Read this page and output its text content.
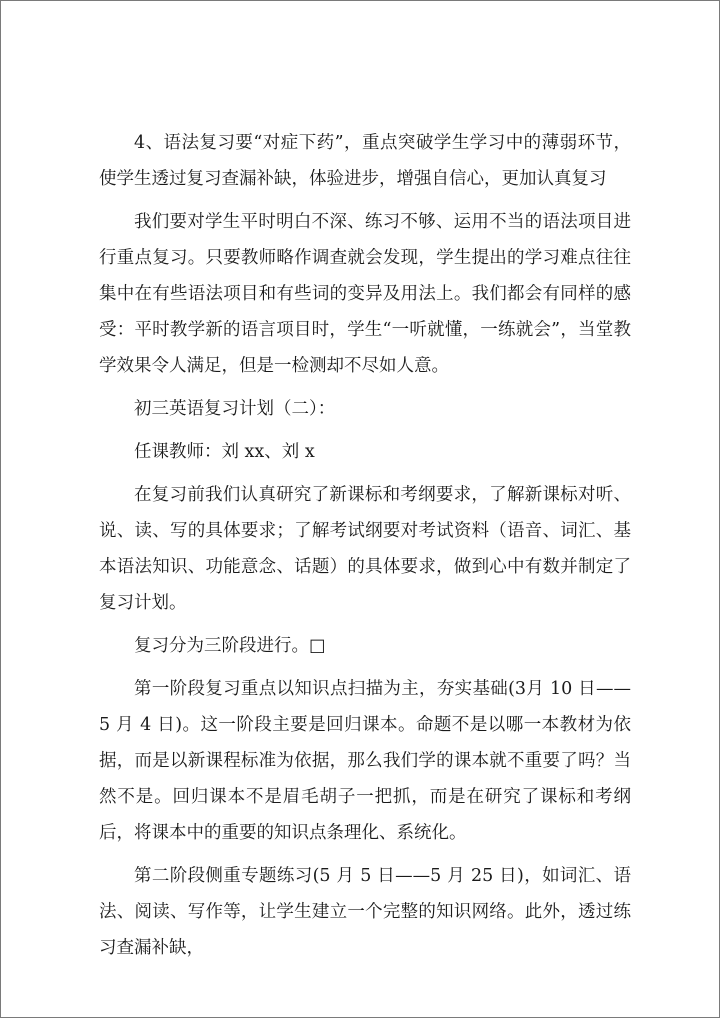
4、语法复习要“对症下药”，重点突破学生学习中的薄弱环节，使学生透过复习查漏补缺，体验进步，增强自信心，更加认真复习

我们要对学生平时明白不深、练习不够、运用不当的语法项目进行重点复习。只要教师略作调查就会发现，学生提出的学习难点往往集中在有些语法项目和有些词的变异及用法上。我们都会有同样的感受：平时教学新的语言项目时，学生“一听就懂，一练就会”，当堂教学效果令人满足，但是一检测却不尽如人意。

初三英语复习计划（二）：

任课教师：刘 xx、刘 x

在复习前我们认真研究了新课标和考纲要求，了解新课标对听、说、读、写的具体要求；了解考试纲要对考试资料（语音、词汇、基本语法知识、功能意念、话题）的具体要求，做到心中有数并制定了复习计划。

复习分为三阶段进行。□

第一阶段复习重点以知识点扫描为主，夯实基础(3月 10 日——5 月 4 日)。这一阶段主要是回归课本。命题不是以哪一本教材为依据，而是以新课程标准为依据，那么我们学的课本就不重要了吗？当然不是。回归课本不是眉毛胡子一把抓，而是在研究了课标和考纲后，将课本中的重要的知识点条理化、系统化。

第二阶段侧重专题练习(5 月 5 日——5 月 25 日)，如词汇、语法、阅读、写作等，让学生建立一个完整的知识网络。此外，透过练习查漏补缺，
